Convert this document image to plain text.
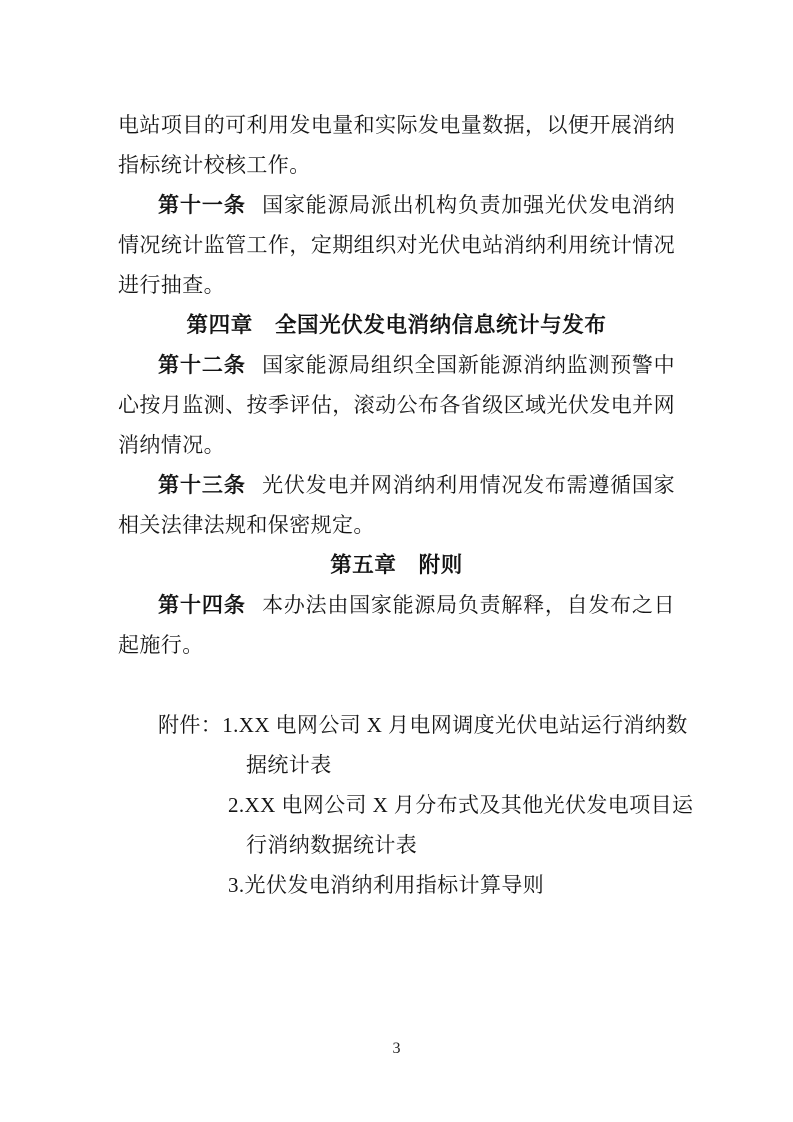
电站项目的可利用发电量和实际发电量数据，以便开展消纳
指标统计校核工作。
第十一条 国家能源局派出机构负责加强光伏发电消纳
情况统计监管工作，定期组织对光伏电站消纳利用统计情况
进行抽查。
第四章　全国光伏发电消纳信息统计与发布
第十二条 国家能源局组织全国新能源消纳监测预警中
心按月监测、按季评估，滚动公布各省级区域光伏发电并网
消纳情况。
第十三条 光伏发电并网消纳利用情况发布需遵循国家
相关法律法规和保密规定。
第五章　附则
第十四条 本办法由国家能源局负责解释，自发布之日
起施行。
附件：1.XX 电网公司 X 月电网调度光伏电站运行消纳数
据统计表
2.XX 电网公司 X 月分布式及其他光伏发电项目运
行消纳数据统计表
3.光伏发电消纳利用指标计算导则
3
